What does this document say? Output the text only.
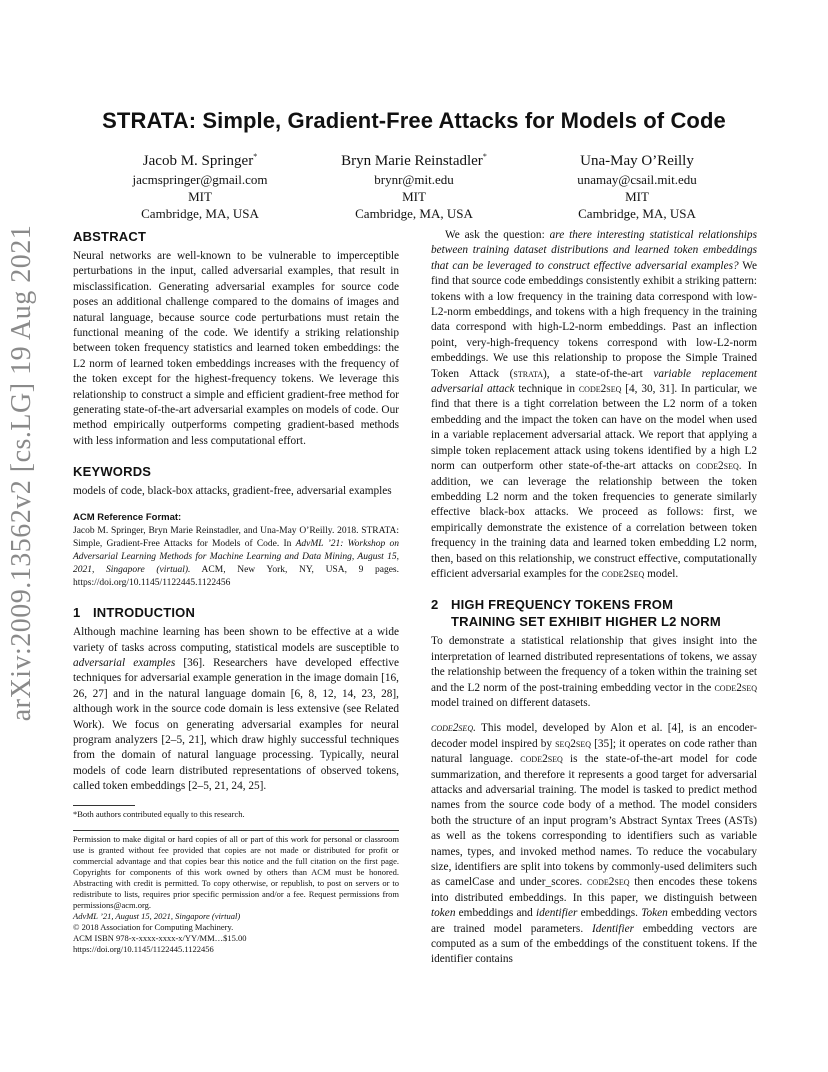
STRATA: Simple, Gradient-Free Attacks for Models of Code
Jacob M. Springer*
jacmspringer@gmail.com
MIT
Cambridge, MA, USA
Bryn Marie Reinstadler*
brynr@mit.edu
MIT
Cambridge, MA, USA
Una-May O’Reilly
unamay@csail.mit.edu
MIT
Cambridge, MA, USA
arXiv:2009.13562v2 [cs.LG] 19 Aug 2021	ABSTRACT

Neural networks are well-known to be vulnerable to imperceptible perturbations in the input, called adversarial examples, that result in misclassification. Generating adversarial examples for source code poses an additional challenge compared to the domains of images and natural language, because source code perturbations must retain the functional meaning of the code. We identify a striking relationship between token frequency statistics and learned token embeddings: the L2 norm of learned token embeddings increases with the frequency of the token except for the highest-frequency tokens. We leverage this relationship to construct a simple and efficient gradient-free method for generating state-of-the-art adversarial examples on models of code. Our method empirically outperforms competing gradient-based methods with less information and less computational effort.

KEYWORDS

models of code, black-box attacks, gradient-free, adversarial examples

ACM Reference Format:
Jacob M. Springer, Bryn Marie Reinstadler, and Una-May O’Reilly. 2018. STRATA: Simple, Gradient-Free Attacks for Models of Code. In AdvML ’21: Workshop on Adversarial Learning Methods for Machine Learning and Data Mining, August 15, 2021, Singapore (virtual). ACM, New York, NY, USA, 9 pages. https://doi.org/10.1145/1122445.1122456
1 INTRODUCTION

Although machine learning has been shown to be effective at a wide variety of tasks across computing, statistical models are susceptible to adversarial examples [36]. Researchers have developed effective techniques for adversarial example generation in the image domain [16, 26, 27] and in the natural language domain [6, 8, 12, 14, 23, 28], although work in the source code domain is less extensive (see Related Work). We focus on generating adversarial examples for neural program analyzers [2–5, 21], which draw highly successful techniques from the domain of natural language processing. Typically, neural models of code learn distributed representations of observed tokens, called token embeddings [2–5, 21, 24, 25].

*Both authors contributed equally to this research.

Permission to make digital or hard copies of all or part of this work for personal or classroom use is granted without fee provided that copies are not made or distributed for profit or commercial advantage and that copies bear this notice and the full citation on the first page. Copyrights for components of this work owned by others than ACM must be honored. Abstracting with credit is permitted. To copy otherwise, or republish, to post on servers or to redistribute to lists, requires prior specific permission and/or a fee. Request permissions from permissions@acm.org.

AdvML ’21, August 15, 2021, Singapore (virtual)
© 2018 Association for Computing Machinery.
ACM ISBN 978-x-xxxx-xxxx-x/YY/MM…$15.00
https://doi.org/10.1145/1122445.1122456

We ask the question: are there interesting statistical relationships between training dataset distributions and learned token embeddings that can be leveraged to construct effective adversarial examples? We find that source code embeddings consistently exhibit a striking pattern: tokens with a low frequency in the training data correspond with low-L2-norm embeddings, and tokens with a high frequency in the training data correspond with high-L2-norm embeddings. Past an inflection point, very-high-frequency tokens correspond with low-L2-norm embeddings. We use this relationship to propose the Simple Trained Token Attack (strata), a state-of-the-art variable replacement adversarial attack technique in code2seq [4, 30, 31]. In particular, we find that there is a tight correlation between the L2 norm of a token embedding and the impact the token can have on the model when used in a variable replacement adversarial attack. We report that applying a simple token replacement attack using tokens identified by a high L2 norm can outperform other state-of-the-art attacks on code2seq. In addition, we can leverage the relationship between the token embedding L2 norm and the token frequencies to generate similarly effective black-box attacks. We proceed as follows: first, we empirically demonstrate the existence of a correlation between token frequency in the training data and learned token embedding L2 norm, then, based on this relationship, we construct effective, computationally efficient adversarial examples for the code2seq model.

2 HIGH FREQUENCY TOKENS FROM
TRAINING SET EXHIBIT HIGHER L2 NORM

To demonstrate a statistical relationship that gives insight into the interpretation of learned distributed representations of tokens, we assay the relationship between the frequency of a token within the training set and the L2 norm of the post-training embedding vector in the code2seq model trained on different datasets.

code2seq. This model, developed by Alon et al. [4], is an encoder-decoder model inspired by seq2seq [35]; it operates on code rather than natural language. code2seq is the state-of-the-art model for code summarization, and therefore it represents a good target for adversarial attacks and adversarial training. The model is tasked to predict method names from the source code body of a method. The model considers both the structure of an input program’s Abstract Syntax Trees (ASTs) as well as the tokens corresponding to identifiers such as variable names, types, and invoked method names. To reduce the vocabulary size, identifiers are split into tokens by commonly-used delimiters such as camelCase and under_scores. code2seq then encodes these tokens into distributed embeddings. In this paper, we distinguish between token embeddings and identifier embeddings. Token embedding vectors are trained model parameters. Identifier embedding vectors are computed as a sum of the embeddings of the constituent tokens. If the identifier contains
